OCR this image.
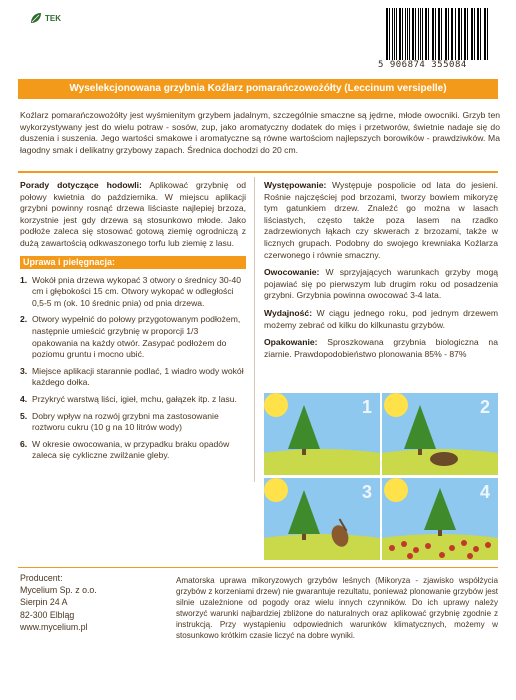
TEK
5 906874 355084
Wyselekcjonowana grzybnia Koźlarz pomarańczowożółty (Leccinum versipelle)
Koźlarz pomarańczowożółty jest wyśmienitym grzybem jadalnym, szczególnie smaczne są jędrne, młode owocniki. Grzyb ten wykorzystywany jest do wielu potraw - sosów, zup, jako aromatyczny dodatek do mięs i przetworów, świetnie nadaje się do duszenia i suszenia. Jego wartości smakowe i aromatyczne są równe wartościom najlepszych borowików - prawdziwków. Ma łagodny smak i delikatny grzybowy zapach. Średnica dochodzi do 20 cm.
Porady dotyczące hodowli: Aplikować grzybnię od połowy kwietnia do października. W miejscu aplikacji grzybni powinny rosnąć drzewa liściaste najlepiej brzoza, korzystnie jest gdy drzewa są stosunkowo młode. Jako podłoże zaleca się stosować gotową ziemię ogrodniczą z dużą zawartością odkwaszonego torfu lub ziemię z lasu.
Uprawa i pielęgnacja:
1. Wokół pnia drzewa wykopać 3 otwory o średnicy 30-40 cm i głębokości 15 cm. Otwory wykopać w odległości 0,5-5 m (ok. 10 średnic pnia) od pnia drzewa.
2. Otwory wypełnić do połowy przygotowanym podłożem, następnie umieścić grzybnię w proporcji 1/3 opakowania na każdy otwór. Zasypać podłożem do poziomu gruntu i mocno ubić.
3. Miejsce aplikacji starannie podlać, 1 wiadro wody wokół każdego dołka.
4. Przykryć warstwą liści, igieł, mchu, gałązek itp. z lasu.
5. Dobry wpływ na rozwój grzybni ma zastosowanie roztworu cukru (10 g na 10 litrów wody)
6. W okresie owocowania, w przypadku braku opadów zaleca się cykliczne zwilżanie gleby.
Występowanie: Występuje pospolicie od lata do jesieni. Rośnie najczęściej pod brzozami, tworzy bowiem mikoryzę tym gatunkiem drzew. Znaleźć go można w lasach liściastych, często także poza lasem na rzadko zadrzewionych łąkach czy skwerach z brzozami, także w licznych grupach. Podobny do swojego krewniaka Koźlarza czerwonego i równie smaczny.
Owocowanie: W sprzyjających warunkach grzyby mogą pojawiać się po pierwszym lub drugim roku od posadzenia grzybni. Grzybnia powinna owocować 3-4 lata.
Wydajność: W ciągu jednego roku, pod jednym drzewem możemy zebrać od kilku do kilkunastu grzybów.
Opakowanie: Sproszkowana grzybnia biologiczna na ziarnie. Prawdopodobieństwo plonowania 85% - 87%
1	2
3	4
Producent:
Mycelium Sp. z o.o.
Sierpin 24 A
82-300 Elbląg
www.mycelium.pl
Amatorska uprawa mikoryzowych grzybów leśnych (Mikoryza - zjawisko współżycia grzybów z korzeniami drzew) nie gwarantuje rezultatu, ponieważ plonowanie grzybów jest silnie uzależnione od pogody oraz wielu innych czynników. Do ich uprawy należy stworzyć warunki najbardziej zbliżone do naturalnych oraz aplikować grzybnię zgodnie z instrukcją. Przy wystąpieniu odpowiednich warunków klimatycznych, możemy w stosunkowo krótkim czasie liczyć na dobre wyniki.
